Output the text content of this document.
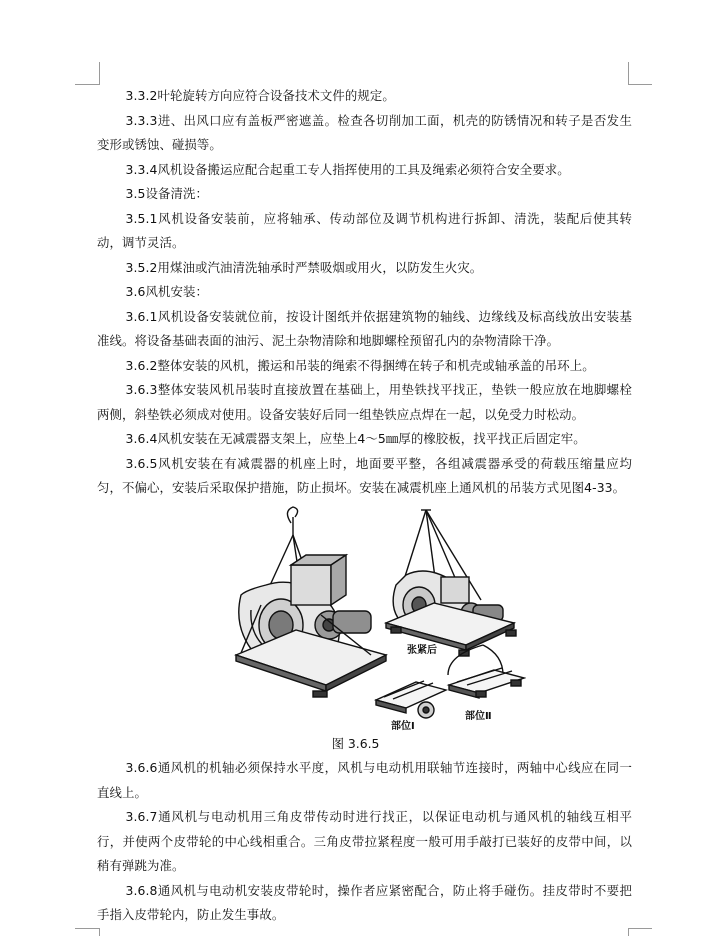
3.3.2叶轮旋转方向应符合设备技术文件的规定。

3.3.3进、出风口应有盖板严密遮盖。检查各切削加工面，机壳的防锈情况和转子是否发生变形或锈蚀、碰损等。

3.3.4风机设备搬运应配合起重工专人指挥使用的工具及绳索必须符合安全要求。

3.5设备清洗：

3.5.1风机设备安装前，应将轴承、传动部位及调节机构进行拆卸、清洗，装配后使其转动，调节灵活。

3.5.2用煤油或汽油清洗轴承时严禁吸烟或用火，以防发生火灾。

3.6风机安装：

3.6.1风机设备安装就位前，按设计图纸并依据建筑物的轴线、边缘线及标高线放出安装基准线。将设备基础表面的油污、泥土杂物清除和地脚螺栓预留孔内的杂物清除干净。

3.6.2整体安装的风机，搬运和吊装的绳索不得捆缚在转子和机壳或轴承盖的吊环上。

3.6.3整体安装风机吊装时直接放置在基础上，用垫铁找平找正，垫铁一般应放在地脚螺栓两侧，斜垫铁必须成对使用。设备安装好后同一组垫铁应点焊在一起，以免受力时松动。

3.6.4风机安装在无减震器支架上，应垫上4～5㎜厚的橡胶板，找平找正后固定牢。

3.6.5风机安装在有减震器的机座上时，地面要平整，各组减震器承受的荷载压缩量应均匀，不偏心，安装后采取保护措施，防止损坏。安装在减震机座上通风机的吊装方式见图4-33。

张紧后
部位Ⅰ
部位Ⅱ
图 3.6.5

3.6.6通风机的机轴必须保持水平度，风机与电动机用联轴节连接时，两轴中心线应在同一直线上。

3.6.7通风机与电动机用三角皮带传动时进行找正，以保证电动机与通风机的轴线互相平行，并使两个皮带轮的中心线相重合。三角皮带拉紧程度一般可用手敲打已装好的皮带中间，以稍有弹跳为准。

3.6.8通风机与电动机安装皮带轮时，操作者应紧密配合，防止将手碰伤。挂皮带时不要把手指入皮带轮内，防止发生事故。
